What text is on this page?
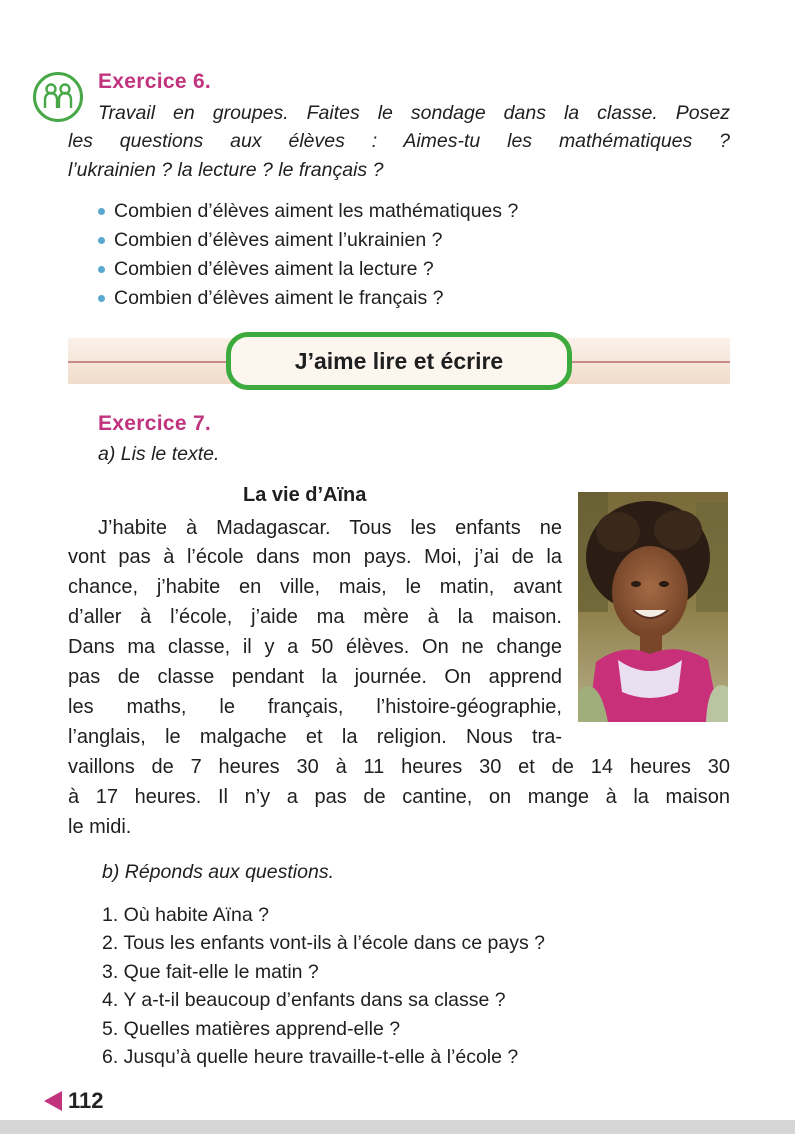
Exercice 6.
Travail en groupes. Faites le sondage dans la classe. Posez
les questions aux élèves : Aimes-tu les mathématiques ?
l’ukrainien ? la lecture ? le français ?
Combien d’élèves aiment les mathématiques ?
Combien d’élèves aiment l’ukrainien ?
Combien d’élèves aiment la lecture ?
Combien d’élèves aiment le français ?
J’aime lire et écrire
Exercice 7.
a) Lis le texte.
La vie d’Aïna
J’habite à Madagascar. Tous les enfants ne
vont pas à l’école dans mon pays. Moi, j’ai de la
chance, j’habite en ville, mais, le matin, avant
d’aller à l’école, j’aide ma mère à la maison.
Dans ma classe, il y a 50 élèves. On ne change
pas de classe pendant la journée. On apprend
les maths, le français, l’histoire-géographie,
l’anglais, le malgache et la religion. Nous tra-
vaillons de 7 heures 30 à 11 heures 30 et de 14 heures 30
à 17 heures. Il n’y a pas de cantine, on mange à la maison
le midi.
b) Réponds aux questions.
1. Où habite Aïna ?
2. Tous les enfants vont-ils à l’école dans ce pays ?
3. Que fait-elle le matin ?
4. Y a-t-il beaucoup d’enfants dans sa classe ?
5. Quelles matières apprend-elle ?
6. Jusqu’à quelle heure travaille-t-elle à l’école ?
112
